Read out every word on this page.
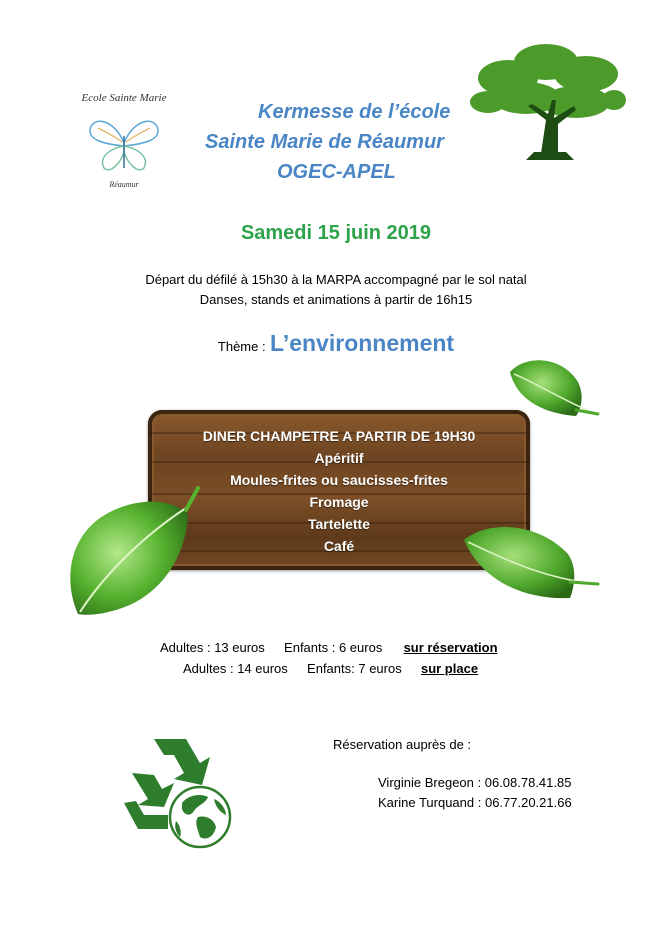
Ecole Sainte Marie
Réaumur
Kermesse de l’école
Sainte Marie de Réaumur
OGEC-APEL
Samedi 15 juin 2019
Départ du défilé à 15h30 à la MARPA accompagné par le sol natal
Danses, stands et animations à partir de 16h15
Thème : L’environnement
DINER CHAMPETRE A PARTIR DE 19H30
Apéritif
Moules-frites ou saucisses-frites
Fromage
Tartelette
Café
Adultes : 13 euros Enfants : 6 euros sur réservation
Adultes : 14 euros Enfants: 7 euros sur place
Réservation auprès de :
Virginie Bregeon : 06.08.78.41.85
Karine Turquand : 06.77.20.21.66
